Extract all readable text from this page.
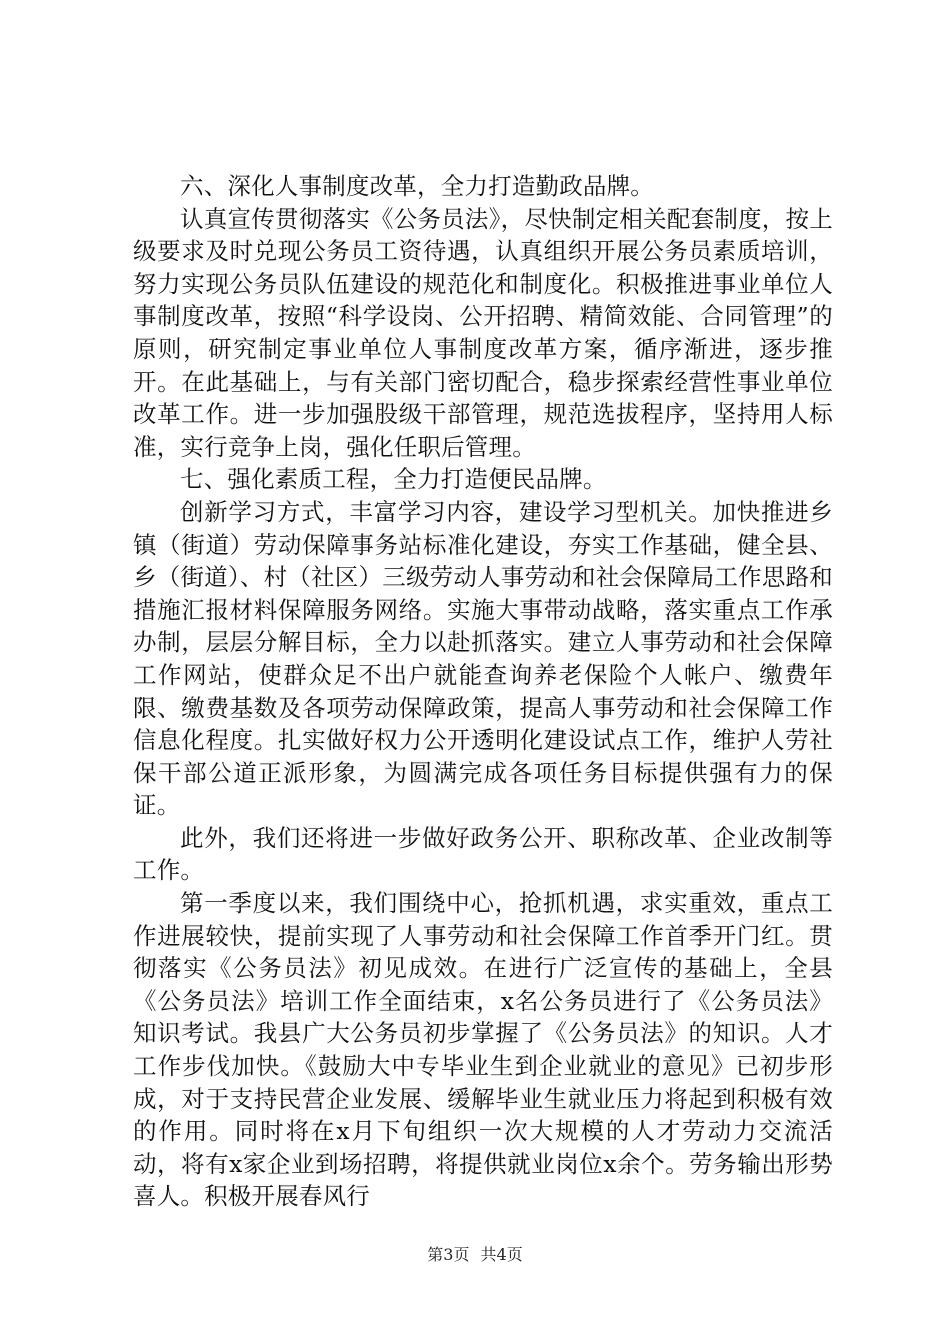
六、深化人事制度改革，全力打造勤政品牌。

认真宣传贯彻落实《公务员法》，尽快制定相关配套制度，按上级要求及时兑现公务员工资待遇，认真组织开展公务员素质培训，努力实现公务员队伍建设的规范化和制度化。积极推进事业单位人事制度改革，按照“科学设岗、公开招聘、精简效能、合同管理”的原则，研究制定事业单位人事制度改革方案，循序渐进，逐步推开。在此基础上，与有关部门密切配合，稳步探索经营性事业单位改革工作。进一步加强股级干部管理，规范选拔程序，坚持用人标准，实行竞争上岗，强化任职后管理。

七、强化素质工程，全力打造便民品牌。

创新学习方式，丰富学习内容，建设学习型机关。加快推进乡镇（街道）劳动保障事务站标准化建设，夯实工作基础，健全县、乡（街道）、村（社区）三级劳动人事劳动和社会保障局工作思路和措施汇报材料保障服务网络。实施大事带动战略，落实重点工作承办制，层层分解目标，全力以赴抓落实。建立人事劳动和社会保障工作网站，使群众足不出户就能查询养老保险个人帐户、缴费年限、缴费基数及各项劳动保障政策，提高人事劳动和社会保障工作信息化程度。扎实做好权力公开透明化建设试点工作，维护人劳社保干部公道正派形象，为圆满完成各项任务目标提供强有力的保证。

此外，我们还将进一步做好政务公开、职称改革、企业改制等工作。

第一季度以来，我们围绕中心，抢抓机遇，求实重效，重点工作进展较快，提前实现了人事劳动和社会保障工作首季开门红。贯彻落实《公务员法》初见成效。在进行广泛宣传的基础上，全县《公务员法》培训工作全面结束，x名公务员进行了《公务员法》知识考试。我县广大公务员初步掌握了《公务员法》的知识。人才工作步伐加快。《鼓励大中专毕业生到企业就业的意见》已初步形成，对于支持民营企业发展、缓解毕业生就业压力将起到积极有效的作用。同时将在x月下旬组织一次大规模的人才劳动力交流活动，将有x家企业到场招聘，将提供就业岗位x余个。劳务输出形势喜人。积极开展春风行

第3页 共4页
